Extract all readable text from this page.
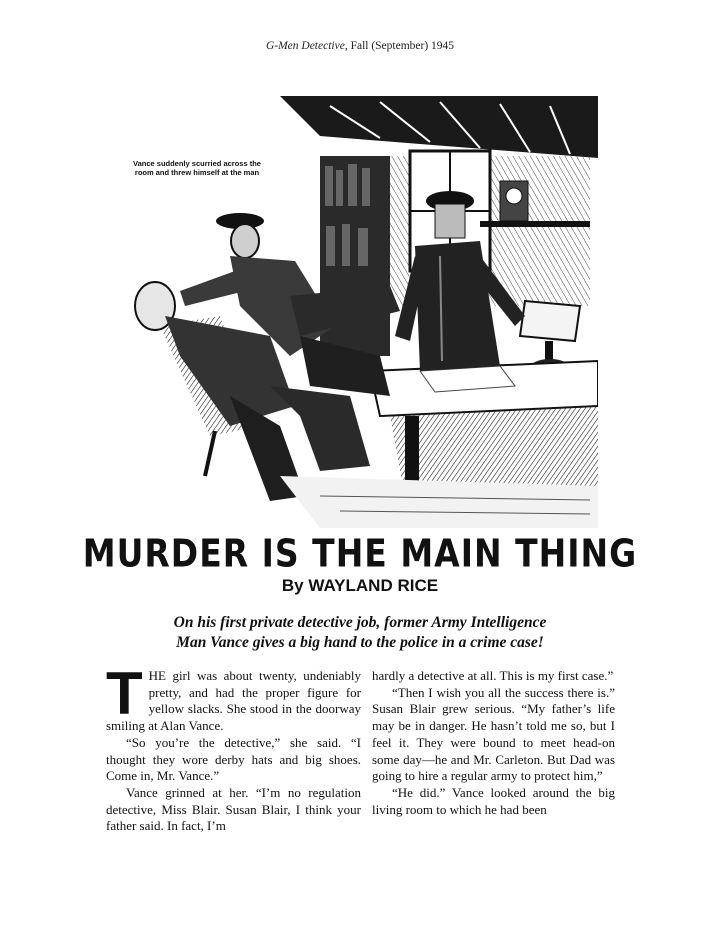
G-Men Detective, Fall (September) 1945
Vance suddenly scurried across the room and threw himself at the man
MURDER IS THE MAIN THING
By WAYLAND RICE
On his first private detective job, former Army Intelligence
Man Vance gives a big hand to the police in a crime case!

THE girl was about twenty, undeniably pretty, and had the proper figure for yellow slacks. She stood in the doorway smiling at Alan Vance.

“So you’re the detective,” she said. “I thought they wore derby hats and big shoes. Come in, Mr. Vance.”

Vance grinned at her. “I’m no regulation detective, Miss Blair. Susan Blair, I think your father said. In fact, I’m

hardly a detective at all. This is my first case.”

“Then I wish you all the success there is.” Susan Blair grew serious. “My father’s life may be in danger. He hasn’t told me so, but I feel it. They were bound to meet head-on some day—he and Mr. Carleton. But Dad was going to hire a regular army to protect him,”

“He did.” Vance looked around the big living room to which he had been
